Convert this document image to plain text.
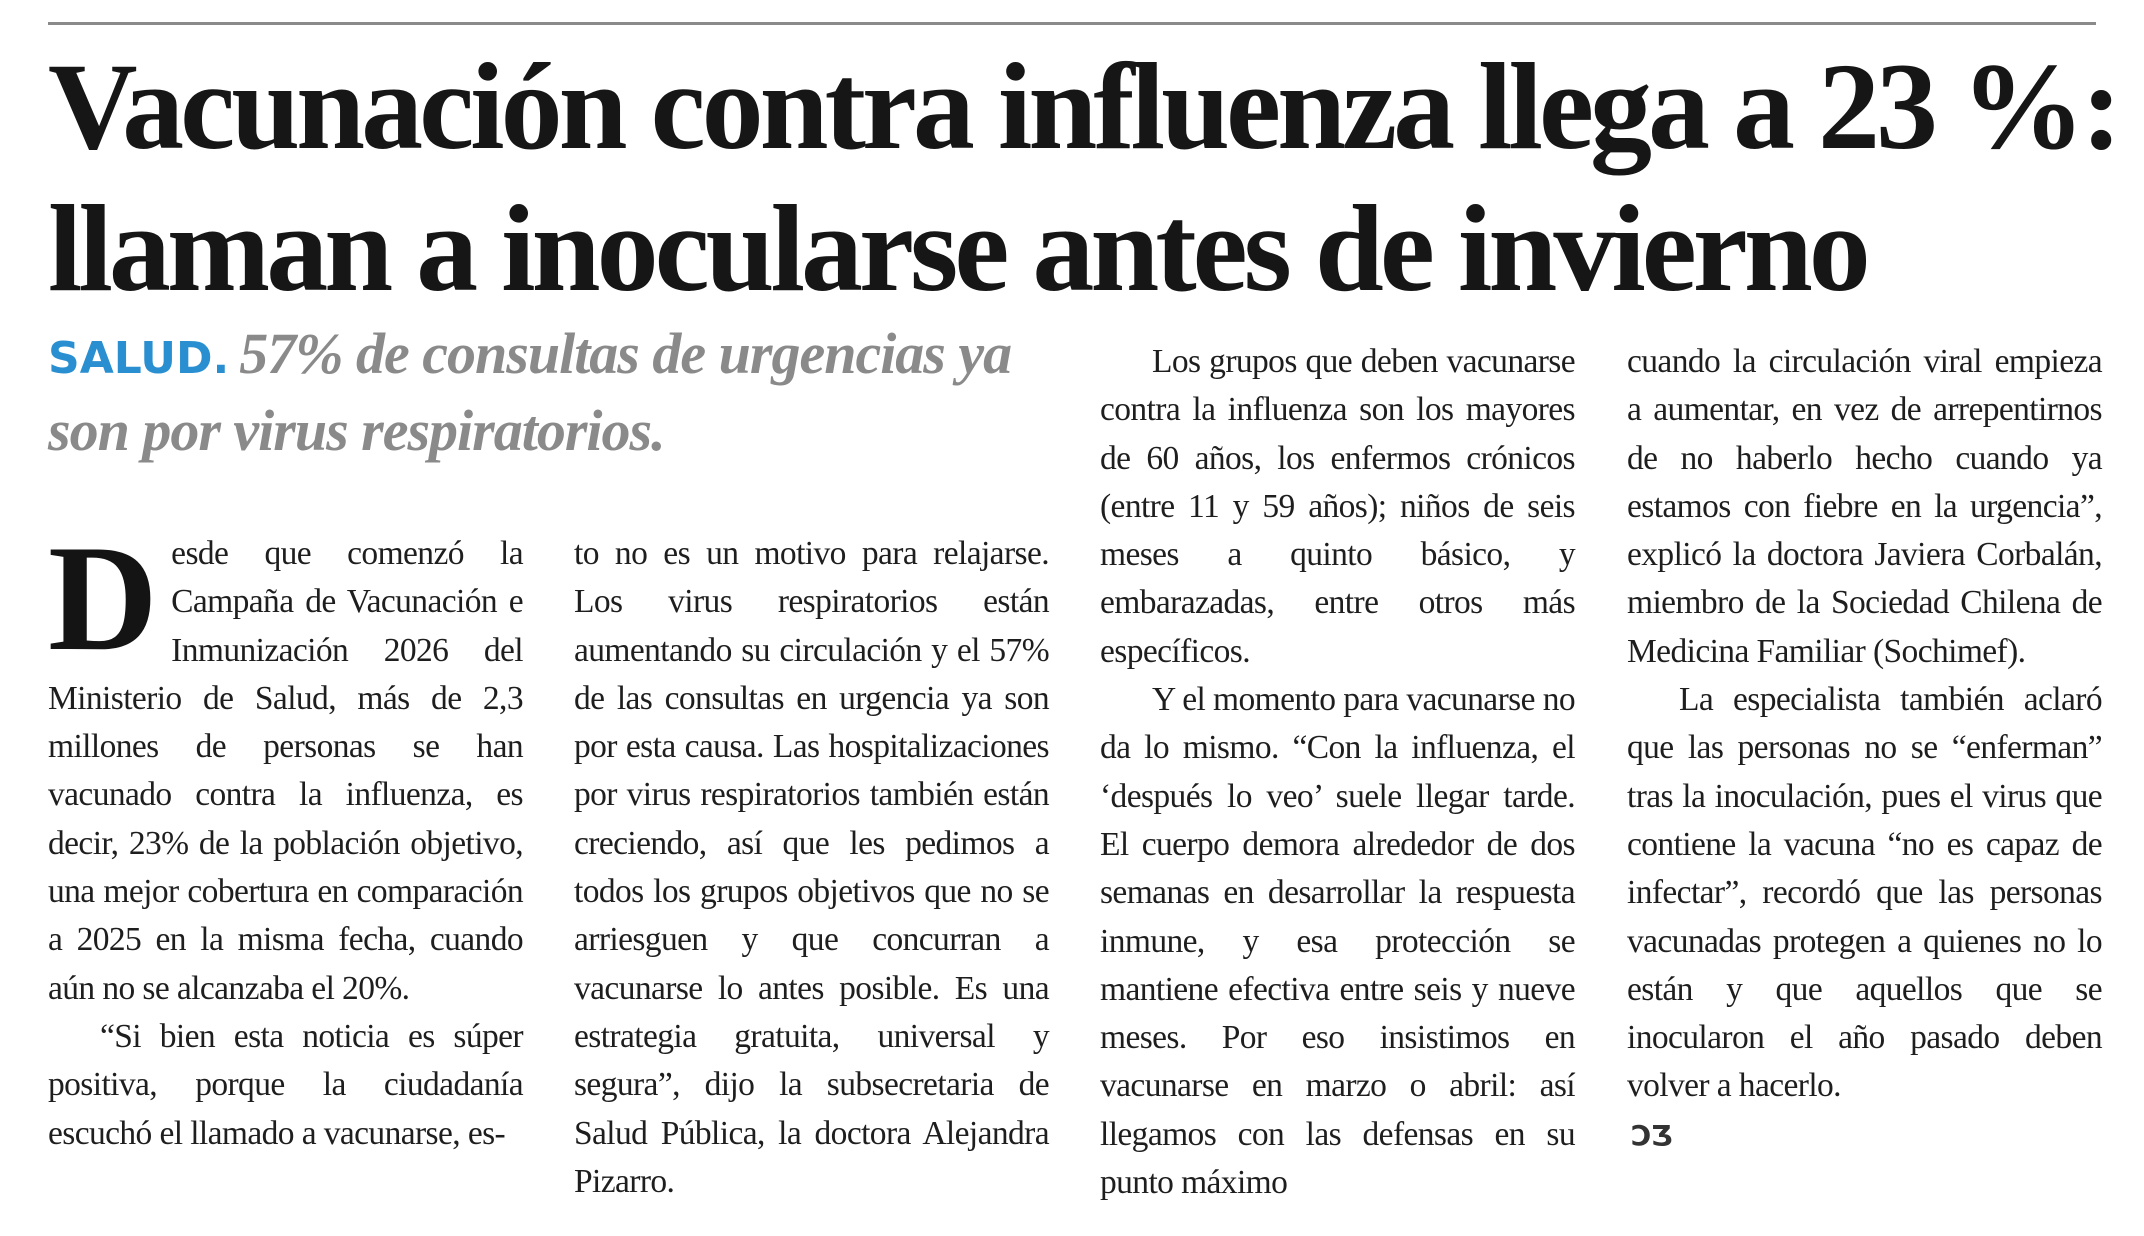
Vacunación contra influenza llega a 23 %:
llaman a inocularse antes de invierno
SALUD. 57% de consultas de urgencias ya son por virus respiratorios.

Desde que comenzó la Campaña de Vacunación e Inmunización 2026 del Ministerio de Salud, más de 2,3 millones de personas se han vacunado contra la influenza, es decir, 23% de la población objetivo, una mejor cobertura en comparación a 2025 en la misma fecha, cuando aún no se alcanzaba el 20%.

“Si bien esta noticia es súper positiva, porque la ciudadanía escuchó el llamado a vacunarse, es-

to no es un motivo para relajarse. Los virus respiratorios están aumentando su circulación y el 57% de las consultas en urgencia ya son por esta causa. Las hospitalizaciones por virus respiratorios también están creciendo, así que les pedimos a todos los grupos objetivos que no se arriesguen y que concurran a vacunarse lo antes posible. Es una estrategia gratuita, universal y segura”, dijo la subsecretaria de Salud Pública, la doctora Alejandra Pizarro.

Los grupos que deben vacunarse contra la influenza son los mayores de 60 años, los enfermos crónicos (entre 11 y 59 años); niños de seis meses a quinto básico, y embarazadas, entre otros más específicos.

Y el momento para vacunarse no da lo mismo. “Con la influenza, el ‘después lo veo’ suele llegar tarde. El cuerpo demora alrededor de dos semanas en desarrollar la respuesta inmune, y esa protección se mantiene efectiva entre seis y nueve meses. Por eso insistimos en vacunarse en marzo o abril: así llegamos con las defensas en su punto máximo

cuando la circulación viral empieza a aumentar, en vez de arrepentirnos de no haberlo hecho cuando ya estamos con fiebre en la urgencia”, explicó la doctora Javiera Corbalán, miembro de la Sociedad Chilena de Medicina Familiar (Sochimef).

La especialista también aclaró que las personas no se “enferman” tras la inoculación, pues el virus que contiene la vacuna “no es capaz de infectar”, recordó que las personas vacunadas protegen a quienes no lo están y que aquellos que se inocularon el año pasado deben volver a hacerlo.

ƆƷ
